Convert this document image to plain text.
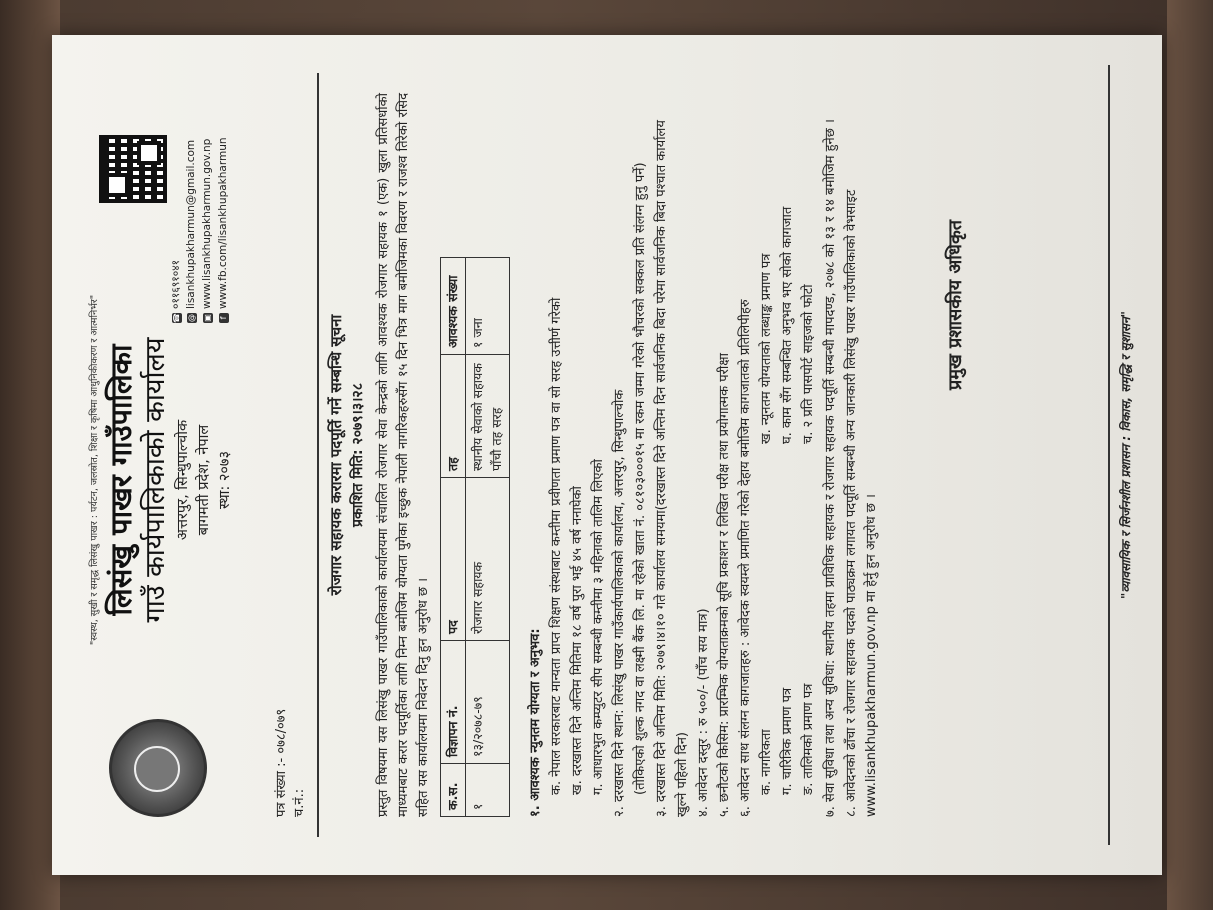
"स्वस्थ, सुखी र समृद्ध लिसंखु पाखर : पर्यटन, जलस्रोत, शिक्षा र कृषिमा आधुनिकीकरण र आत्मनिर्भर" लिसंखु पाखर गाउँपालिका गाउँ कार्यपालिकाको कार्यालय अत्तरपुर, सिन्धुपाल्चोक बागमती प्रदेश, नेपाल स्था: २०७३
☎
०११६९१०४१
@
lisankhupakharmun@gmail.com
▣
www.lisankhupakharmun.gov.np
f
www.fb.com/lisankhupakharmun
पत्र संख्या :- ०७८/०७९ च.नं.:
रोजगार सहायक करारमा पदपूर्ति गर्ने सम्बन्धि सूचना प्रकाशित मिति: २०७९।३।२८ प्रस्तुत विषयमा यस लिसंखु पाखर गाउँपालिकाको कार्यालयमा संचालित रोजगार सेवा केन्द्रको लागि आवश्यक रोजगार सहायक १ (एक) खुला प्रतिसर्धाको माध्यमबाट करार पदपूर्तिका लागि निम्न बमोजिम योग्यता पुगेका इच्छुक नेपाली नागरिकहरुसँग १५ दिन भित्र माग बमोजिमका विवरण र राजश्व तिरेको रसिद सहित यस कार्यालयमा निवेदन दिनु हुन अनुरोध छ । क.स.	विज्ञापन नं.	पद	तह	आवश्यक संख्या
१	१३/२०७८-७९	रोजगार सहायक	स्थानीय सेवाको सहायक पाँचौ तह सरह	१ जना
१. आवश्यक न्युनतम योग्यता र अनुभव: क. नेपाल सरकारबाट मान्यता प्राप्त शिक्षण संस्थाबाट कम्तीमा प्रवीणता प्रमाण पत्र वा सो सरह उत्तीर्ण गरेको ख. दरखास्त दिने अन्तिम मितिमा १८ वर्ष पुरा भई ४५ वर्ष ननाघेको ग. आधारभुत कम्प्युटर सीप सम्बन्धी कम्तीमा ३ महिनाको तालिम लिएको २. दरखास्त दिने स्थान: लिसंखु पाखर गाउँकार्यपालिकाको कार्यालय, अत्तरपुर, सिन्धुपाल्चोक (तोकिएको शुल्क नगद वा लक्ष्मी बैंक लि. मा रहेको खाता नं. ०८१०३०००१५ मा रकम जम्मा गरेको भौचरको सक्कल प्रति संलग्न हुनु पर्ने) ३. दरखास्त दिने अन्तिम मिति: २०७९।४।१० गते कार्यालय समयमा(दरखास्त दिने अन्तिम दिन सार्वजनिक बिदा परेमा सार्वजनिक बिदा पश्चात कार्यालय खुल्ने पहिलो दिन) ४. आवेदन दस्तुर : रु ५००/- (पाँच सय मात्र) ५. छनौटको किसिम: प्रारम्भिक योग्यताक्रमको सूचि प्रकाशन र लिखित परीक्ष तथा प्रयोगात्मक परीक्षा ६. आवेदन साथ संलग्न कागजातहरु : आवेदक स्वयम्ले प्रमाणित गरेको देहाय बमोजिम कागजातको प्रतिलिपीहरु क. नागरिकता
ख. न्यूनतम योग्यताको लब्धाङ्क प्रमाण पत्र
ग. चारित्रिक प्रमाण पत्र
घ. काम सँग सम्बन्धित अनुभव भए सोको कागजात
ङ. तालिमको प्रमाण पत्र
च. २ प्रति पासपोर्ट साइजको फोटो ७. सेवा सुविधा तथा अन्य सुविधा: स्थानीय तहमा प्राविधिक सहायक र रोजगार सहायक पदपूर्ति सम्बन्धी मापदण्ड, २०७८ को १३ र १४ बमोजिम हुनेछ । ८. आवेदनको ढाँचा र रोजगार सहायक पदको पाठ्यक्रम लगायत पदपूर्ति सम्बन्धी अन्य जानकारी लिसंखु पाखर गाउँपालिकाको वेभसाइट www.lisankhupakharmun.gov.np मा हेर्नु हुन अनुरोध छ ।
प्रमुख प्रशासकीय अधिकृत
"व्यावसायिक र सिर्जनशील प्रशासन : विकास, समृद्धि र सुशासन"
